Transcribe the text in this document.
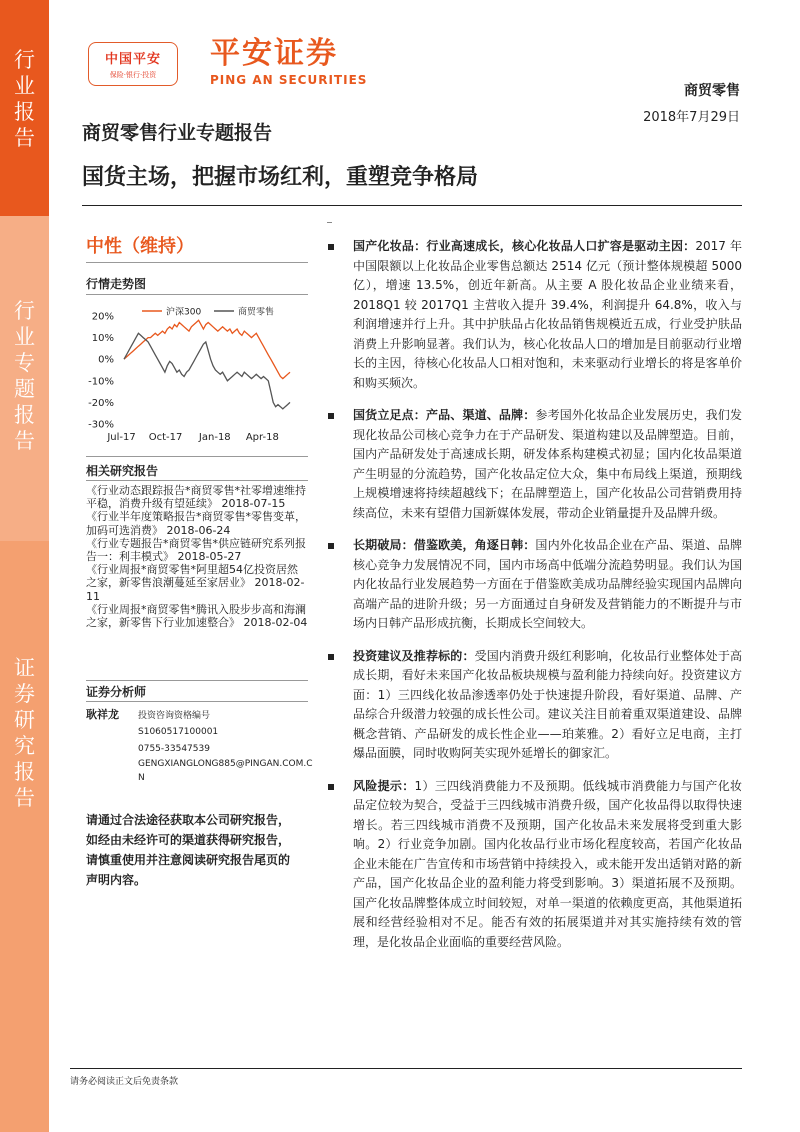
行
业
报
告
行
业
专
题
报
告
证
券
研
究
报
告
中国平安
保险·银行·投资
平安证券
PING AN SECURITIES
商贸零售
2018年7月29日
商贸零售行业专题报告
国货主场，把握市场红利，重塑竞争格局
中性（维持）
行情走势图
20%
10%
0%
-10%
-20%
-30%
Jul-17 Oct-17 Jan-18 Apr-18
沪深300	商贸零售
相关研究报告
《行业动态跟踪报告*商贸零售*社零增速维持平稳，消费升级有望延续》 2018-07-15
《行业半年度策略报告*商贸零售*零售变革，加码可选消费》 2018-06-24
《行业专题报告*商贸零售*供应链研究系列报告一：利丰模式》 2018-05-27
《行业周报*商贸零售*阿里超54亿投资居然之家，新零售浪潮蔓延至家居业》 2018-02-11
《行业周报*商贸零售*腾讯入股步步高和海澜之家，新零售下行业加速整合》 2018-02-04
证券分析师
耿祥龙 投资咨询资格编号
S1060517100001
0755-33547539
GENGXIANGLONG885@PINGAN.COM.CN
请通过合法途径获取本公司研究报告，如经由未经许可的渠道获得研究报告，请慎重使用并注意阅读研究报告尾页的声明内容。
国产化妆品：行业高速成长，核心化妆品人口扩容是驱动主因：2017 年中国限额以上化妆品企业零售总额达 2514 亿元（预计整体规模超 5000 亿），增速 13.5%，创近年新高。从主要 A 股化妆品企业业绩来看，2018Q1 较 2017Q1 主营收入提升 39.4%，利润提升 64.8%，收入与利润增速并行上升。其中护肤品占化妆品销售规模近五成，行业受护肤品消费上升影响显著。我们认为，核心化妆品人口的增加是目前驱动行业增长的主因，待核心化妆品人口相对饱和，未来驱动行业增长的将是客单价和购买频次。
国货立足点：产品、渠道、品牌：参考国外化妆品企业发展历史，我们发现化妆品公司核心竞争力在于产品研发、渠道构建以及品牌塑造。目前，国内产品研发处于高速成长期，研发体系构建模式初显；国内化妆品渠道产生明显的分流趋势，国产化妆品定位大众，集中布局线上渠道，预期线上规模增速将持续超越线下；在品牌塑造上，国产化妆品公司营销费用持续高位，未来有望借力国新媒体发展，带动企业销量提升及品牌升级。
长期破局：借鉴欧美，角逐日韩：国内外化妆品企业在产品、渠道、品牌核心竞争力发展情况不同，国内市场高中低端分流趋势明显。我们认为国内化妆品行业发展趋势一方面在于借鉴欧美成功品牌经验实现国内品牌向高端产品的进阶升级；另一方面通过自身研发及营销能力的不断提升与市场内日韩产品形成抗衡，长期成长空间较大。
投资建议及推荐标的：受国内消费升级红利影响，化妆品行业整体处于高成长期，看好未来国产化妆品板块规模与盈利能力持续向好。投资建议方面：1）三四线化妆品渗透率仍处于快速提升阶段，看好渠道、品牌、产品综合升级潜力较强的成长性公司。建议关注目前着重双渠道建设、品牌概念营销、产品研发的成长性企业——珀莱雅。2）看好立足电商，主打爆品面膜，同时收购阿芙实现外延增长的御家汇。
风险提示：1）三四线消费能力不及预期。低线城市消费能力与国产化妆品定位较为契合，受益于三四线城市消费升级，国产化妆品得以取得快速增长。若三四线城市消费不及预期，国产化妆品未来发展将受到重大影响。2）行业竞争加剧。国内化妆品行业市场化程度较高，若国产化妆品企业未能在广告宣传和市场营销中持续投入，或未能开发出适销对路的新产品，国产化妆品企业的盈利能力将受到影响。3）渠道拓展不及预期。国产化妆品牌整体成立时间较短，对单一渠道的依赖度更高，其他渠道拓展和经营经验相对不足。能否有效的拓展渠道并对其实施持续有效的管理，是化妆品企业面临的重要经营风险。
请务必阅读正文后免责条款
